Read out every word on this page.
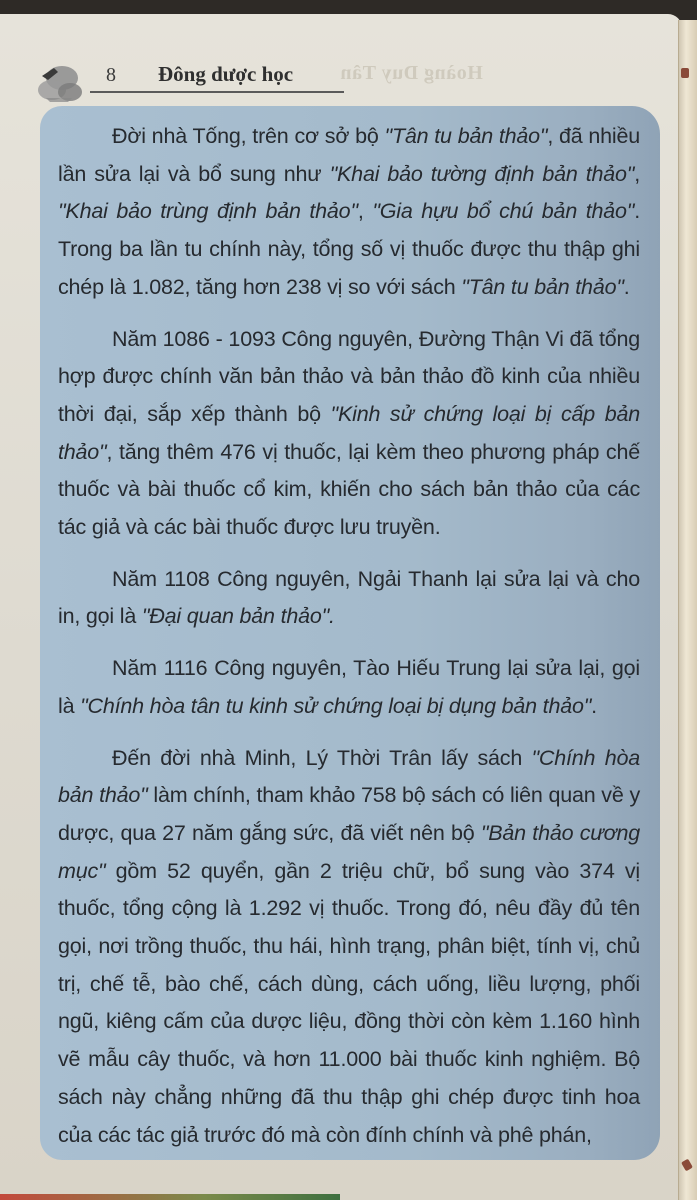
8 Đông dược học Hoàng Duy Tân

Đời nhà Tống, trên cơ sở bộ "Tân tu bản thảo", đã nhiều lần sửa lại và bổ sung như "Khai bảo tường định bản thảo", "Khai bảo trùng định bản thảo", "Gia hựu bổ chú bản thảo". Trong ba lần tu chính này, tổng số vị thuốc được thu thập ghi chép là 1.082, tăng hơn 238 vị so với sách "Tân tu bản thảo".

Năm 1086 - 1093 Công nguyên, Đường Thận Vi đã tổng hợp được chính văn bản thảo và bản thảo đồ kinh của nhiều thời đại, sắp xếp thành bộ "Kinh sử chứng loại bị cấp bản thảo", tăng thêm 476 vị thuốc, lại kèm theo phương pháp chế thuốc và bài thuốc cổ kim, khiến cho sách bản thảo của các tác giả và các bài thuốc được lưu truyền.

Năm 1108 Công nguyên, Ngải Thanh lại sửa lại và cho in, gọi là "Đại quan bản thảo".

Năm 1116 Công nguyên, Tào Hiếu Trung lại sửa lại, gọi là "Chính hòa tân tu kinh sử chứng loại bị dụng bản thảo".

Đến đời nhà Minh, Lý Thời Trân lấy sách "Chính hòa bản thảo" làm chính, tham khảo 758 bộ sách có liên quan về y dược, qua 27 năm gắng sức, đã viết nên bộ "Bản thảo cương mục" gồm 52 quyển, gần 2 triệu chữ, bổ sung vào 374 vị thuốc, tổng cộng là 1.292 vị thuốc. Trong đó, nêu đầy đủ tên gọi, nơi trồng thuốc, thu hái, hình trạng, phân biệt, tính vị, chủ trị, chế tễ, bào chế, cách dùng, cách uống, liều lượng, phối ngũ, kiêng cấm của dược liệu, đồng thời còn kèm 1.160 hình vẽ mẫu cây thuốc, và hơn 11.000 bài thuốc kinh nghiệm. Bộ sách này chẳng những đã thu thập ghi chép được tinh hoa của các tác giả trước đó mà còn đính chính và phê phán,
